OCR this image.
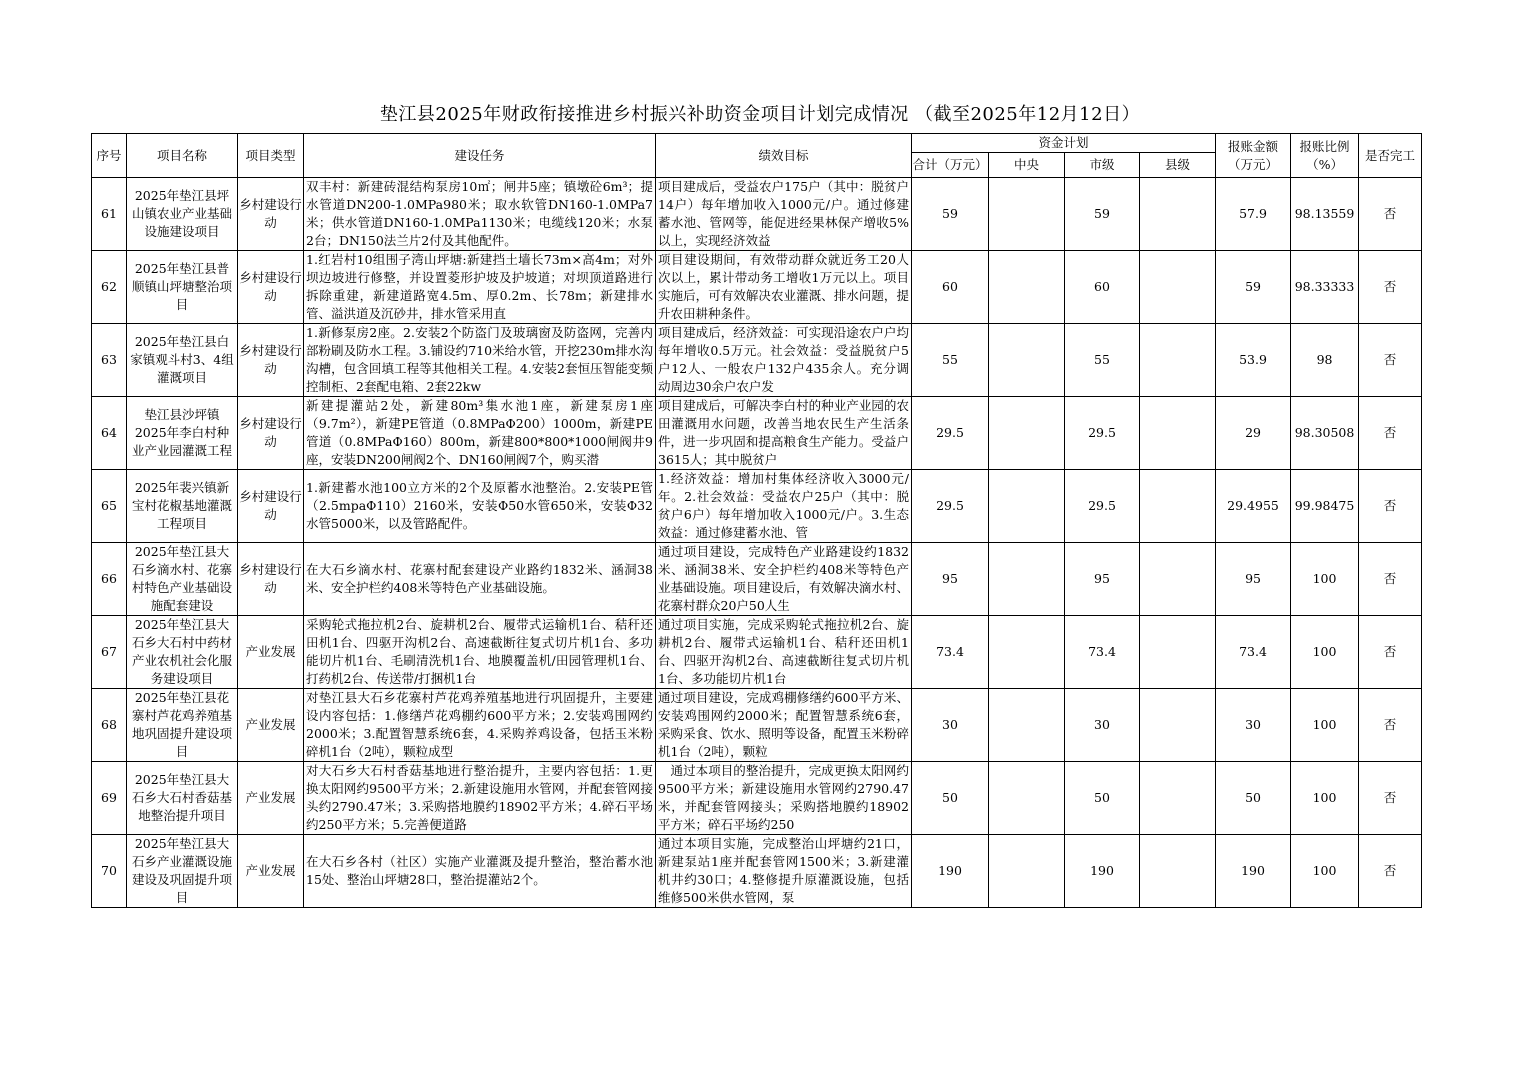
垫江县2025年财政衔接推进乡村振兴补助资金项目计划完成情况 （截至2025年12月12日）
序号	项目名称	项目类型	建设任务	绩效目标	资金计划				报账金额（万元）	报账比例（%）	是否完工
					合计（万元）	中央	市级	县级			
61	2025年垫江县坪山镇农业产业基础设施建设项目	乡村建设行动	双丰村：新建砖混结构泵房10㎡；闸井5座；镇墩砼6m³；提水管道DN200-1.0MPa980米；取水软管DN160-1.0MPa7米；供水管道DN160-1.0MPa1130米；电缆线120米；水泵2台；DN150法兰片2付及其他配件。	项目建成后，受益农户175户（其中：脱贫户14户）每年增加收入1000元/户。通过修建蓄水池、管网等，能促进经果林保产增收5%以上，实现经济效益	59		59		57.9	98.13559	否
62	2025年垫江县普顺镇山坪塘整治项目	乡村建设行动	1.红岩村10组围子湾山坪塘:新建挡土墙长73m×高4m；对外坝边坡进行修整，并设置菱形护坡及护坡道；对坝顶道路进行拆除重建，新建道路宽4.5m、厚0.2m、长78m；新建排水管、溢洪道及沉砂井，排水管采用直	项目建设期间，有效带动群众就近务工20人次以上，累计带动务工增收1万元以上。项目实施后，可有效解决农业灌溉、排水问题，提升农田耕种条件。	60		60		59	98.33333	否
63	2025年垫江县白家镇观斗村3、4组灌溉项目	乡村建设行动	1.新修泵房2座。2.安装2个防盗门及玻璃窗及防盗网，完善内部粉刷及防水工程。3.铺设约710米给水管，开挖230m排水沟沟槽，包含回填工程等其他相关工程。4.安装2套恒压智能变频控制柜、2套配电箱、2套22kw	项目建成后，经济效益：可实现沿途农户户均每年增收0.5万元。社会效益：受益脱贫户5户12人、一般农户132户435余人。充分调动周边30余户农户发	55		55		53.9	98	否
64	垫江县沙坪镇2025年李白村种业产业园灌溉工程	乡村建设行动	新建提灌站2处，新建80m³集水池1座，新建泵房1座（9.7m²），新建PE管道（0.8MPaΦ200）1000m，新建PE管道（0.8MPaΦ160）800m，新建800*800*1000闸阀井9座，安装DN200闸阀2个、DN160闸阀7个，购买潜	项目建成后，可解决李白村的种业产业园的农田灌溉用水问题，改善当地农民生产生活条件，进一步巩固和提高粮食生产能力。受益户3615人；其中脱贫户	29.5		29.5		29	98.30508	否
65	2025年裴兴镇新宝村花椒基地灌溉工程项目	乡村建设行动	1.新建蓄水池100立方米的2个及原蓄水池整治。2.安装PE管（2.5mpaΦ110）2160米，安装Φ50水管650米，安装Φ32水管5000米，以及管路配件。	1.经济效益：增加村集体经济收入3000元/年。2.社会效益：受益农户25户（其中：脱贫户6户）每年增加收入1000元/户。3.生态效益：通过修建蓄水池、管	29.5		29.5		29.4955	99.98475	否
66	2025年垫江县大石乡滴水村、花寨村特色产业基础设施配套建设	乡村建设行动	在大石乡滴水村、花寨村配套建设产业路约1832米、涵洞38米、安全护栏约408米等特色产业基础设施。	通过项目建设，完成特色产业路建设约1832米、涵洞38米、安全护栏约408米等特色产业基础设施。项目建设后，有效解决滴水村、花寨村群众20户50人生	95		95		95	100	否
67	2025年垫江县大石乡大石村中药材产业农机社会化服务建设项目	产业发展	采购轮式拖拉机2台、旋耕机2台、履带式运输机1台、秸秆还田机1台、四驱开沟机2台、高速截断往复式切片机1台、多功能切片机1台、毛刷清洗机1台、地膜覆盖机/田园管理机1台、打药机2台、传送带/打捆机1台	通过项目实施，完成采购轮式拖拉机2台、旋耕机2台、履带式运输机1台、秸秆还田机1台、四驱开沟机2台、高速截断往复式切片机1台、多功能切片机1台	73.4		73.4		73.4	100	否
68	2025年垫江县花寨村芦花鸡养殖基地巩固提升建设项目	产业发展	对垫江县大石乡花寨村芦花鸡养殖基地进行巩固提升，主要建设内容包括：1.修缮芦花鸡棚约600平方米；2.安装鸡围网约2000米；3.配置智慧系统6套，4.采购养鸡设备，包括玉米粉碎机1台（2吨），颗粒成型	通过项目建设，完成鸡棚修缮约600平方米、安装鸡围网约2000米；配置智慧系统6套，采购采食、饮水、照明等设备，配置玉米粉碎机1台（2吨），颗粒	30		30		30	100	否
69	2025年垫江县大石乡大石村香菇基地整治提升项目	产业发展	对大石乡大石村香菇基地进行整治提升，主要内容包括：1.更换太阳网约9500平方米；2.新建设施用水管网，并配套管网接头约2790.47米；3.采购搭地膜约18902平方米；4.碎石平场约250平方米；5.完善便道路	　通过本项目的整治提升，完成更换太阳网约9500平方米；新建设施用水管网约2790.47米，并配套管网接头；采购搭地膜约18902平方米；碎石平场约250	50		50		50	100	否
70	2025年垫江县大石乡产业灌溉设施建设及巩固提升项目	产业发展	在大石乡各村（社区）实施产业灌溉及提升整治，整治蓄水池15处、整治山坪塘28口，整治提灌站2个。	通过本项目实施，完成整治山坪塘约21口，新建泵站1座并配套管网1500米；3.新建灌机井约30口；4.整修提升原灌溉设施，包括维修500米供水管网，泵	190		190		190	100	否
